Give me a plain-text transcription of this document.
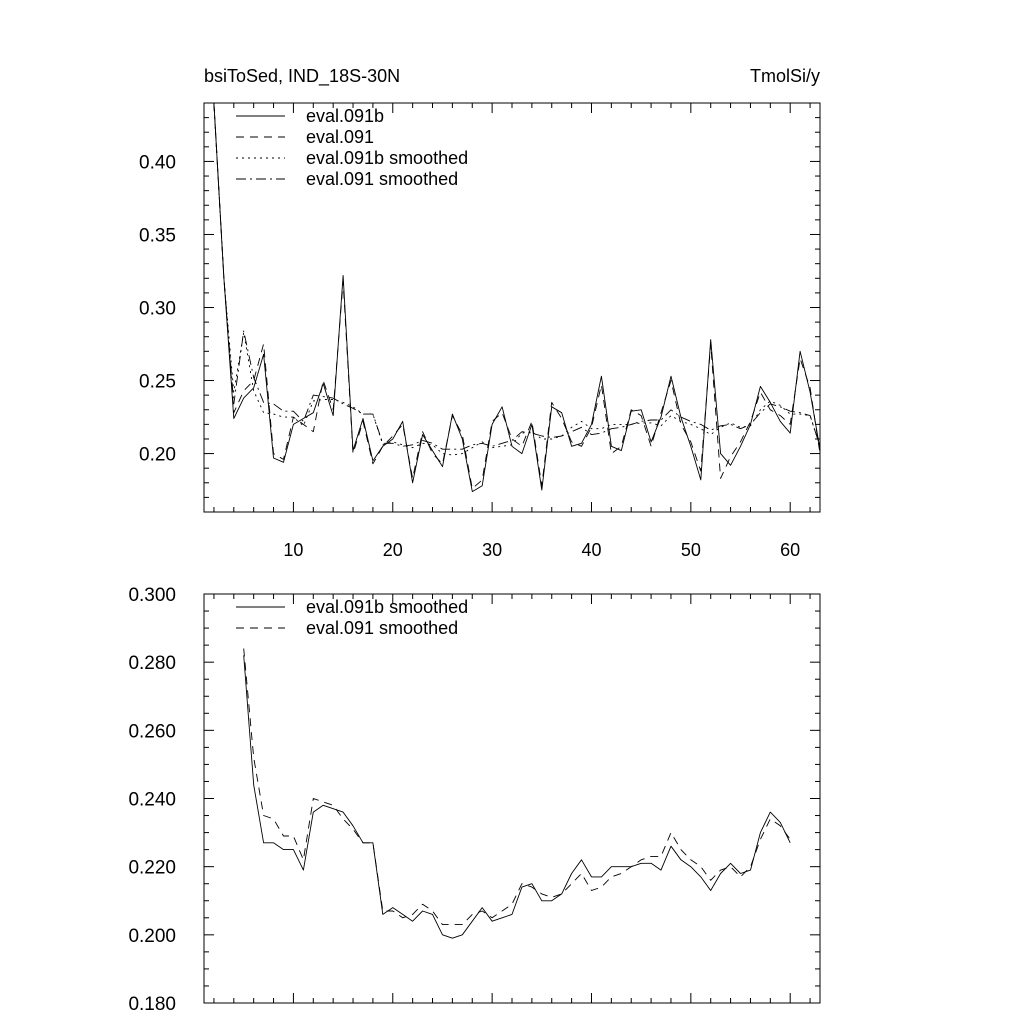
bsiToSed, IND_18S-30N	TmolSi/y
10	20	30	40	50	60
0.20
0.25
0.30
0.35
0.40
eval.091b
eval.091
eval.091b smoothed
eval.091 smoothed
0.180
0.200
0.220
0.240
0.260
0.280
0.300
eval.091b smoothed
eval.091 smoothed
